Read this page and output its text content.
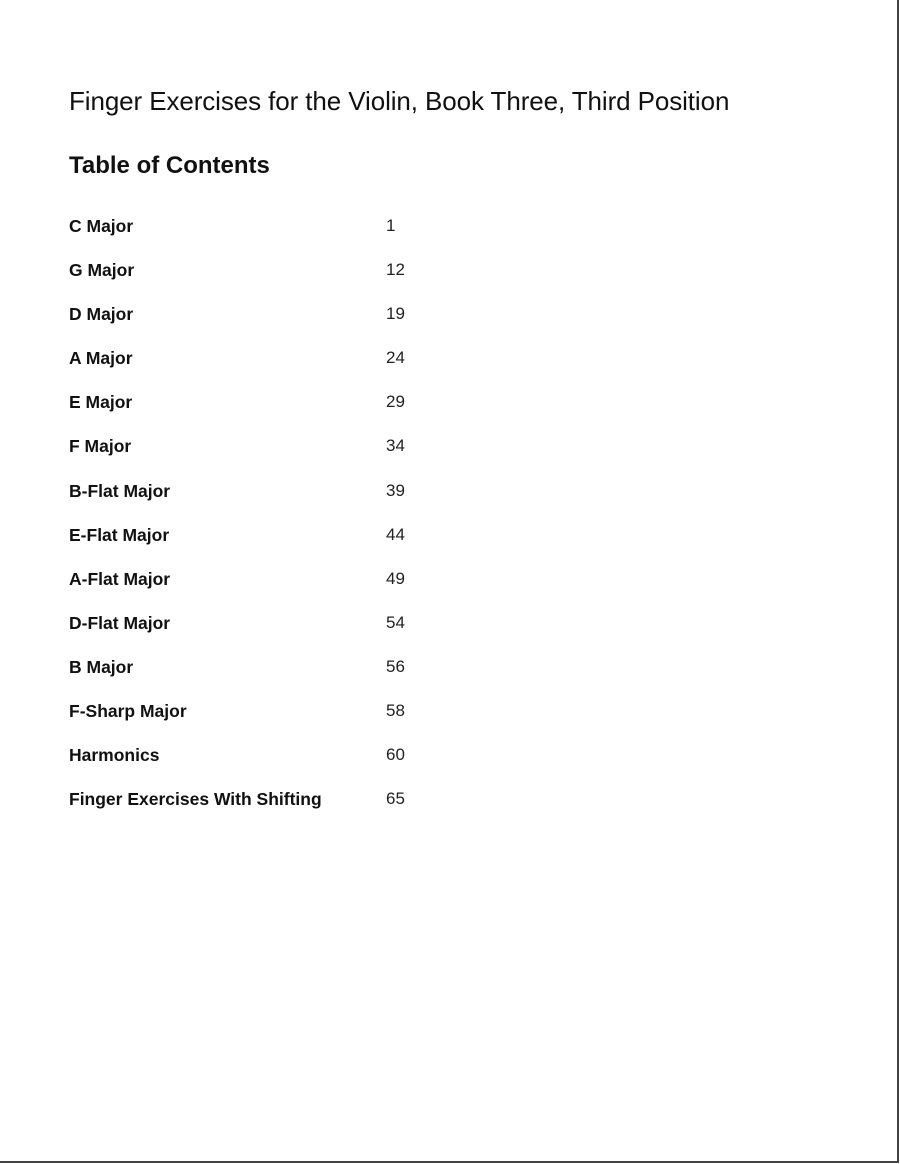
Finger Exercises for the Violin, Book Three, Third Position
Table of Contents
C Major	1
G Major	12
D Major	19
A Major	24
E Major	29
F Major	34
B-Flat Major	39
E-Flat Major	44
A-Flat Major	49
D-Flat Major	54
B Major	56
F-Sharp Major	58
Harmonics	60
Finger Exercises With Shifting	65
